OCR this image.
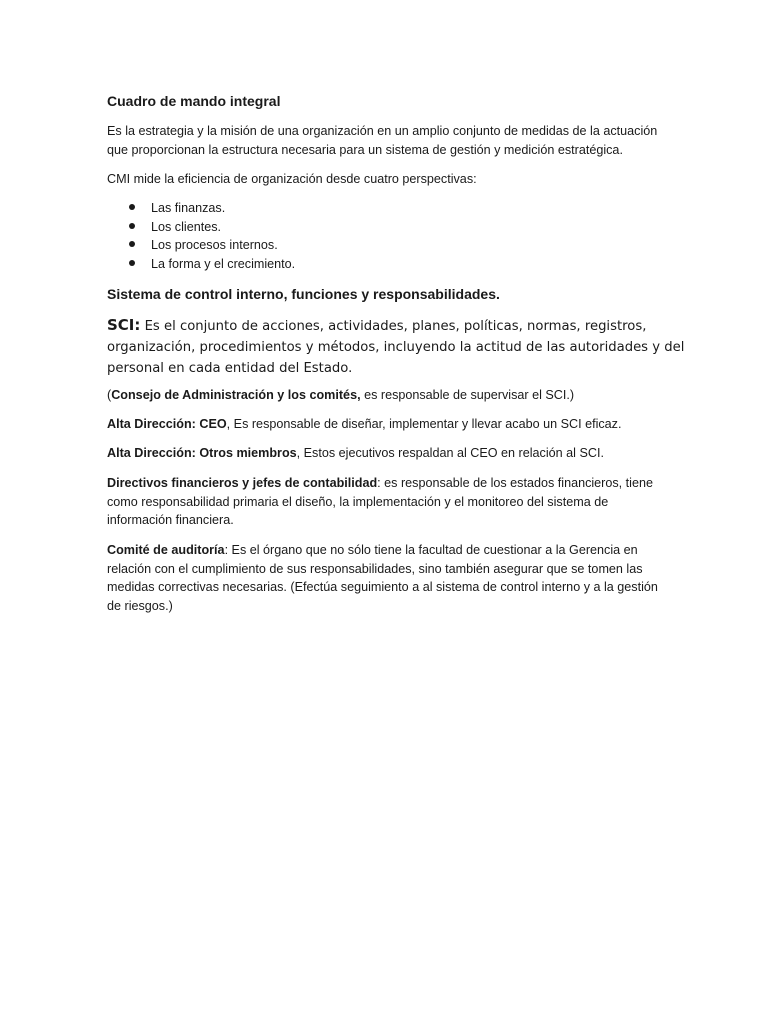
Cuadro de mando integral

Es la estrategia y la misión de una organización en un amplio conjunto de medidas de la actuación
que proporcionan la estructura necesaria para un sistema de gestión y medición estratégica.

CMI mide la eficiencia de organización desde cuatro perspectivas:

Las finanzas.
Los clientes.
Los procesos internos.
La forma y el crecimiento.
Sistema de control interno, funciones y responsabilidades.

SCI: Es el conjunto de acciones, actividades, planes, políticas, normas, registros,
organización, procedimientos y métodos, incluyendo la actitud de las autoridades y del
personal en cada entidad del Estado.

(Consejo de Administración y los comités, es responsable de supervisar el SCI.)

Alta Dirección: CEO, Es responsable de diseñar, implementar y llevar acabo un SCI eficaz.

Alta Dirección: Otros miembros, Estos ejecutivos respaldan al CEO en relación al SCI.

Directivos financieros y jefes de contabilidad: es responsable de los estados financieros, tiene
como responsabilidad primaria el diseño, la implementación y el monitoreo del sistema de
información financiera.

Comité de auditoría: Es el órgano que no sólo tiene la facultad de cuestionar a la Gerencia en
relación con el cumplimiento de sus responsabilidades, sino también asegurar que se tomen las
medidas correctivas necesarias. (Efectúa seguimiento a al sistema de control interno y a la gestión
de riesgos.)
